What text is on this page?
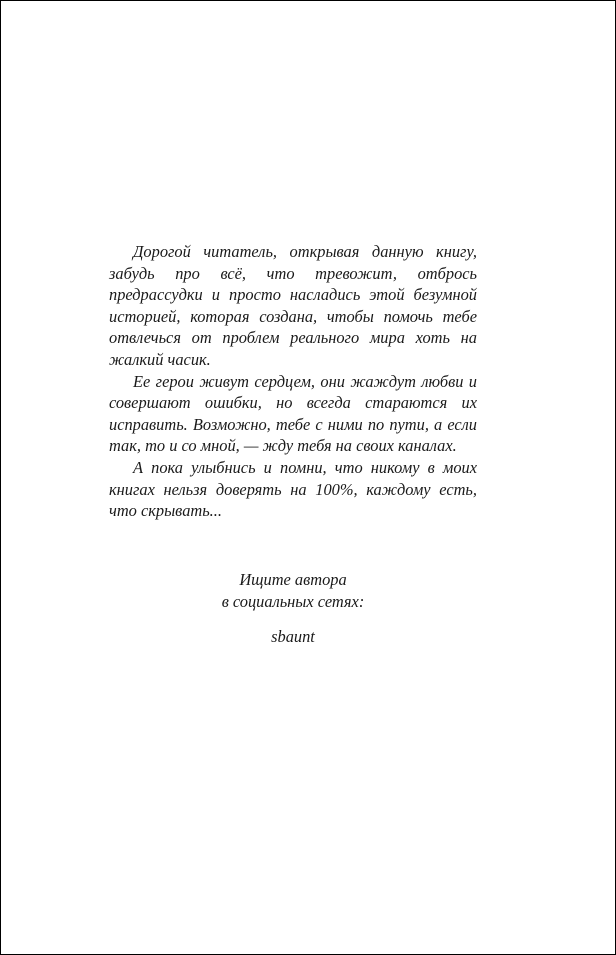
Дорогой читатель, открывая данную книгу, забудь про всё, что тревожит, отбрось предрассудки и просто насладись этой безумной историей, которая создана, чтобы помочь тебе отвлечься от проблем реального мира хоть на жалкий часик.

Ее герои живут сердцем, они жаждут любви и совершают ошибки, но всегда стараются их исправить. Возможно, тебе с ними по пути, а если так, то и со мной, — жду тебя на своих каналах.

А пока улыбнись и помни, что никому в моих книгах нельзя доверять на 100%, каждому есть, что скрывать...

Ищите автора
в социальных сетях:
sbaunt
